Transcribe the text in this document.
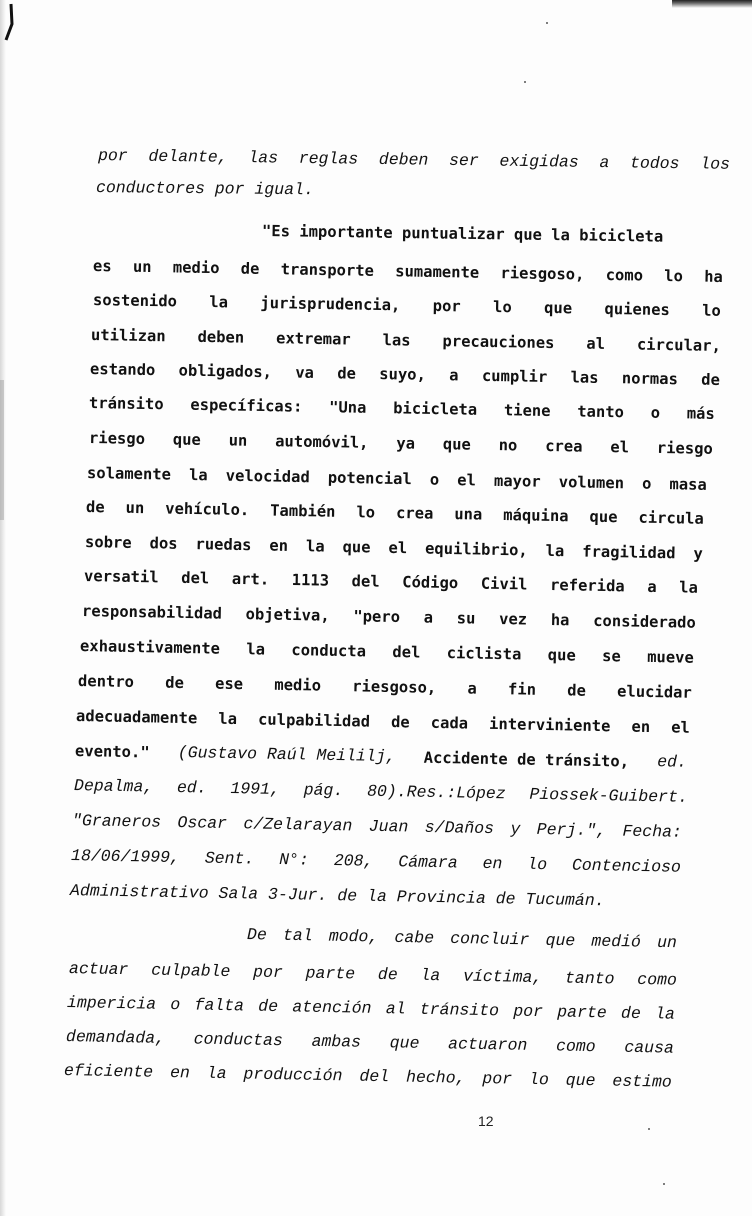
por delante, las reglas deben ser exigidas a todos los
conductores por igual.
"Es importante puntualizar que la bicicleta
es un medio de transporte sumamente riesgoso, como lo ha
sostenido la jurisprudencia, por lo que quienes lo
utilizan deben extremar las precauciones al circular,
estando obligados, va de suyo, a cumplir las normas de
tránsito específicas: "Una bicicleta tiene tanto o más
riesgo que un automóvil, ya que no crea el riesgo
solamente la velocidad potencial o el mayor volumen o masa
de un vehículo. También lo crea una máquina que circula
sobre dos ruedas en la que el equilibrio, la fragilidad y
versatil del art. 1113 del Código Civil referida a la
responsabilidad objetiva, "pero a su vez ha considerado
exhaustivamente la conducta del ciclista que se mueve
dentro de ese medio riesgoso, a fin de elucidar
adecuadamente la culpabilidad de cada interviniente en el
evento." (Gustavo Raúl Meililj, Accidente de tránsito, ed.
Depalma, ed. 1991, pág. 80).Res.:López Piossek-Guibert.
"Graneros Oscar c/Zelarayan Juan s/Daños y Perj.", Fecha:
18/06/1999, Sent. N°: 208, Cámara en lo Contencioso
Administrativo Sala 3-Jur. de la Provincia de Tucumán.
De tal modo, cabe concluir que medió un
actuar culpable por parte de la víctima, tanto como
impericia o falta de atención al tránsito por parte de la
demandada, conductas ambas que actuaron como causa
eficiente en la producción del hecho, por lo que estimo
12
